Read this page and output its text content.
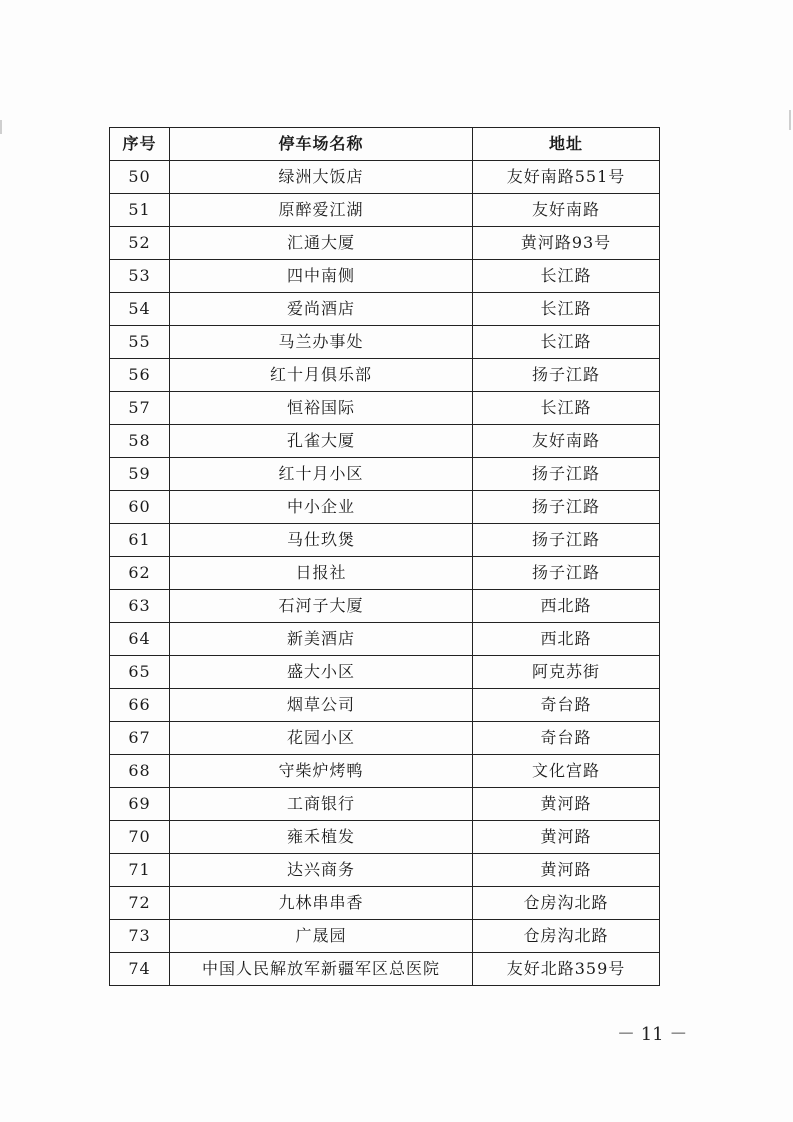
序号	停车场名称	地址
50	绿洲大饭店	友好南路551号
51	原醉爱江湖	友好南路
52	汇通大厦	黄河路93号
53	四中南侧	长江路
54	爱尚酒店	长江路
55	马兰办事处	长江路
56	红十月俱乐部	扬子江路
57	恒裕国际	长江路
58	孔雀大厦	友好南路
59	红十月小区	扬子江路
60	中小企业	扬子江路
61	马仕玖煲	扬子江路
62	日报社	扬子江路
63	石河子大厦	西北路
64	新美酒店	西北路
65	盛大小区	阿克苏街
66	烟草公司	奇台路
67	花园小区	奇台路
68	守柴炉烤鸭	文化宫路
69	工商银行	黄河路
70	雍禾植发	黄河路
71	达兴商务	黄河路
72	九林串串香	仓房沟北路
73	广晟园	仓房沟北路
74	中国人民解放军新疆军区总医院	友好北路359号
－ 11 －
